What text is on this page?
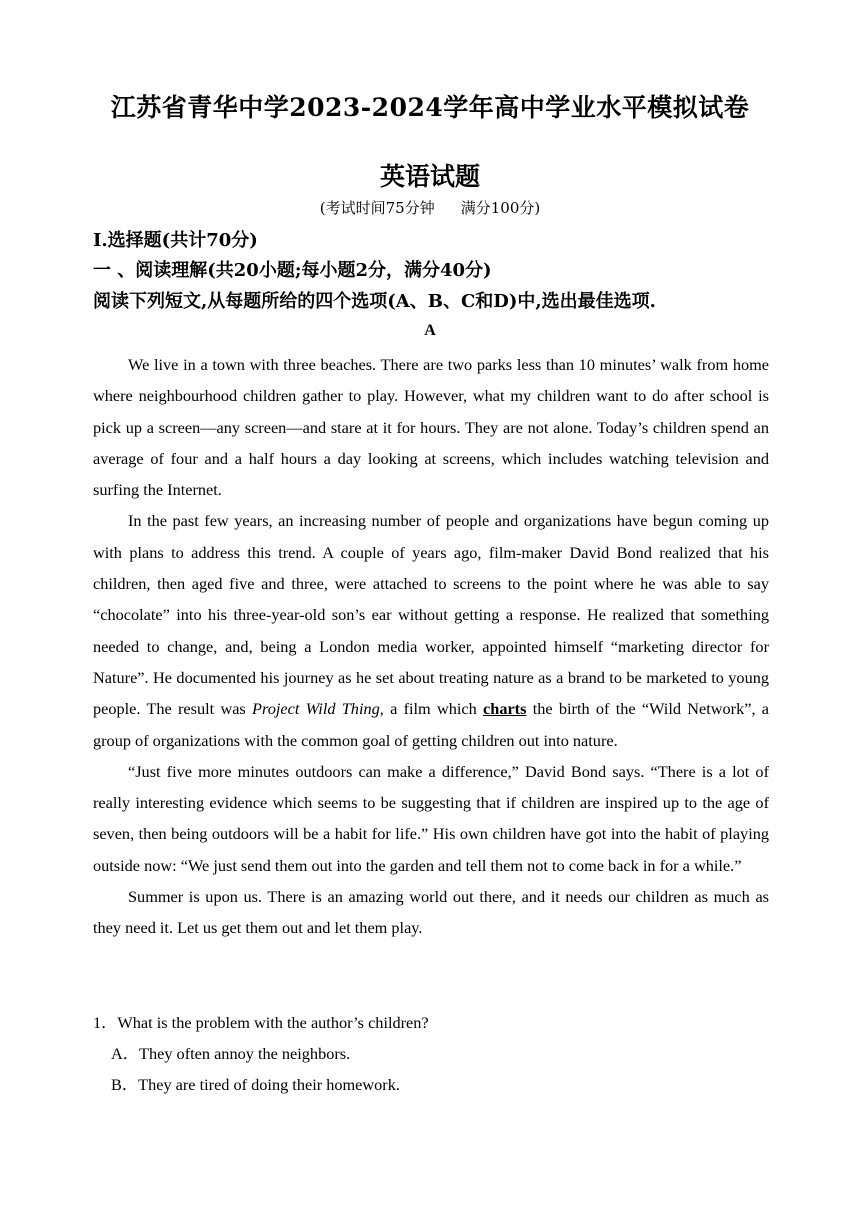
江苏省青华中学2023-2024学年高中学业水平模拟试卷
英语试题
(考试时间75分钟 满分100分)
I.选择题(共计70分)
一 、阅读理解(共20小题;每小题2分，满分40分)
阅读下列短文,从每题所给的四个选项(A、B、C和D)中,选出最佳选项.
A

We live in a town with three beaches. There are two parks less than 10 minutes’ walk from home where neighbourhood children gather to play. However, what my children want to do after school is pick up a screen—any screen—and stare at it for hours. They are not alone. Today’s children spend an average of four and a half hours a day looking at screens, which includes watching television and surfing the Internet.

In the past few years, an increasing number of people and organizations have begun coming up with plans to address this trend. A couple of years ago, film-maker David Bond realized that his children, then aged five and three, were attached to screens to the point where he was able to say “chocolate” into his three-year-old son’s ear without getting a response. He realized that something needed to change, and, being a London media worker, appointed himself “marketing director for Nature”. He documented his journey as he set about treating nature as a brand to be marketed to young people. The result was Project Wild Thing, a film which charts the birth of the “Wild Network”, a group of organizations with the common goal of getting children out into nature.

“Just five more minutes outdoors can make a difference,” David Bond says. “There is a lot of really interesting evidence which seems to be suggesting that if children are inspired up to the age of seven, then being outdoors will be a habit for life.” His own children have got into the habit of playing outside now: “We just send them out into the garden and tell them not to come back in for a while.”

Summer is upon us. There is an amazing world out there, and it needs our children as much as they need it. Let us get them out and let them play.

1．What is the problem with the author’s children?
A．They often annoy the neighbors.
B．They are tired of doing their homework.
